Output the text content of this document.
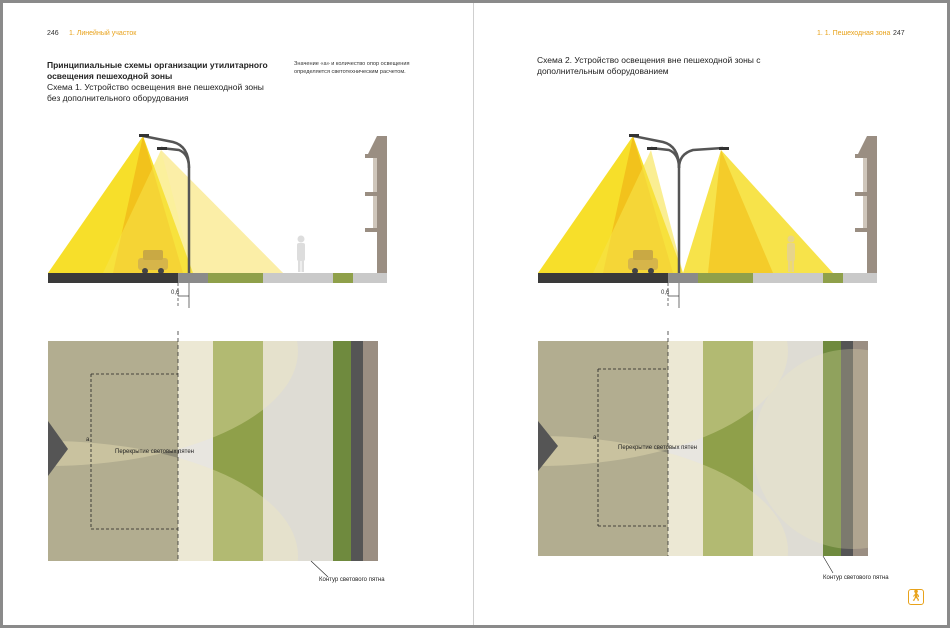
246 1. Линейный участок
Принципиальные схемы организации утилитарного освещения пешеходной зоны
Схема 1. Устройство освещения вне пешеходной зоны без дополнительного оборудования
Значение «а» и количество опор освещения определяется светотехническим расчетом.
0,6
а
Перекрытие световых пятен
Контур светового пятна
1. 1. Пешеходная зона 247
Схема 2. Устройство освещения вне пешеходной зоны с дополнительным оборудованием
0,6
а
Перекрытие световых пятен
Контур светового пятна
🚶︎
